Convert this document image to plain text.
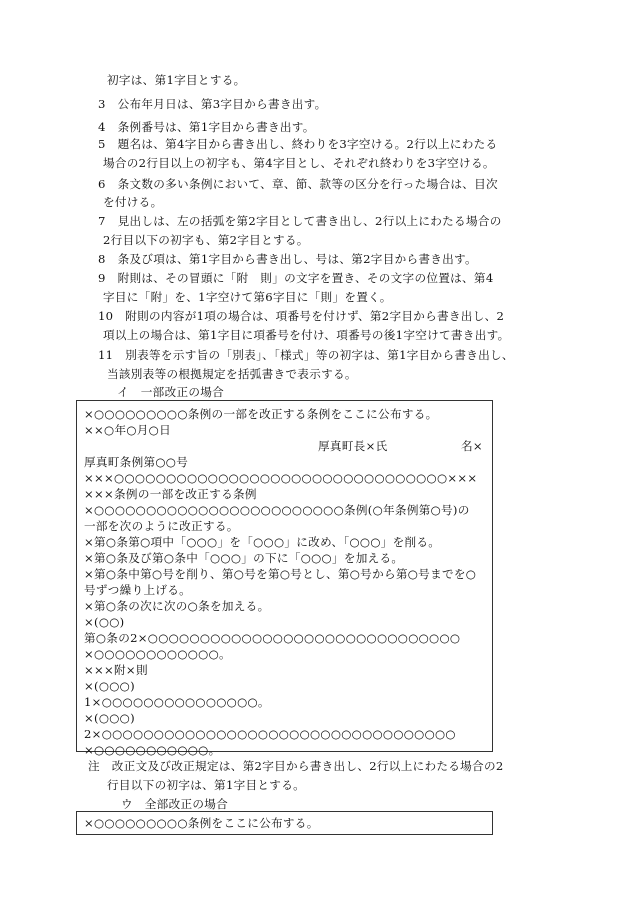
初字は、第1字目とする。
3　公布年月日は、第3字目から書き出す。
4　条例番号は、第1字目から書き出す。
5　題名は、第4字目から書き出し、終わりを3字空ける。2行以上にわたる
場合の2行目以上の初字も、第4字目とし、それぞれ終わりを3字空ける。
6　条文数の多い条例において、章、節、款等の区分を行った場合は、目次
を付ける。
7　見出しは、左の括弧を第2字目として書き出し、2行以上にわたる場合の
2行目以下の初字も、第2字目とする。
8　条及び項は、第1字目から書き出し、号は、第2字目から書き出す。
9　附則は、その冒頭に「附　則」の文字を置き、その文字の位置は、第4
字目に「附」を、1字空けて第6字目に「則」を置く。
10　附則の内容が1項の場合は、項番号を付けず、第2字目から書き出し、2
項以上の場合は、第1字目に項番号を付け、項番号の後1字空けて書き出す。
11　別表等を示す旨の「別表」、「様式」等の初字は、第1字目から書き出し、
当該別表等の根拠規定を括弧書きで表示する。
イ　一部改正の場合
×○○○○○○○○○条例の一部を改正する条例をここに公布する。
××○年○月○日
厚真町長×氏	名×
厚真町条例第○○号
×××○○○○○○○○○○○○○○○○○○○○○○○○○○○○○○○○×××
×××条例の一部を改正する条例
×○○○○○○○○○○○○○○○○○○○○○○○○条例(○年条例第○号)の
一部を次のように改正する。
×第○条第○項中「○○○」を「○○○」に改め、「○○○」を削る。
×第○条及び第○条中「○○○」の下に「○○○」を加える。
×第○条中第○号を削り、第○号を第○号とし、第○号から第○号までを○
号ずつ繰り上げる。
×第○条の次に次の○条を加える。
×(○○)
第○条の2×○○○○○○○○○○○○○○○○○○○○○○○○○○○○○○
×○○○○○○○○○○○○。
×××附×則
×(○○○)
1×○○○○○○○○○○○○○○○。
×(○○○)
2×○○○○○○○○○○○○○○○○○○○○○○○○○○○○○○○○○○
×○○○○○○○○○○○。
注　改正文及び改正規定は、第2字目から書き出し、2行以上にわたる場合の2
行目以下の初字は、第1字目とする。
ウ　全部改正の場合
×○○○○○○○○○条例をここに公布する。
